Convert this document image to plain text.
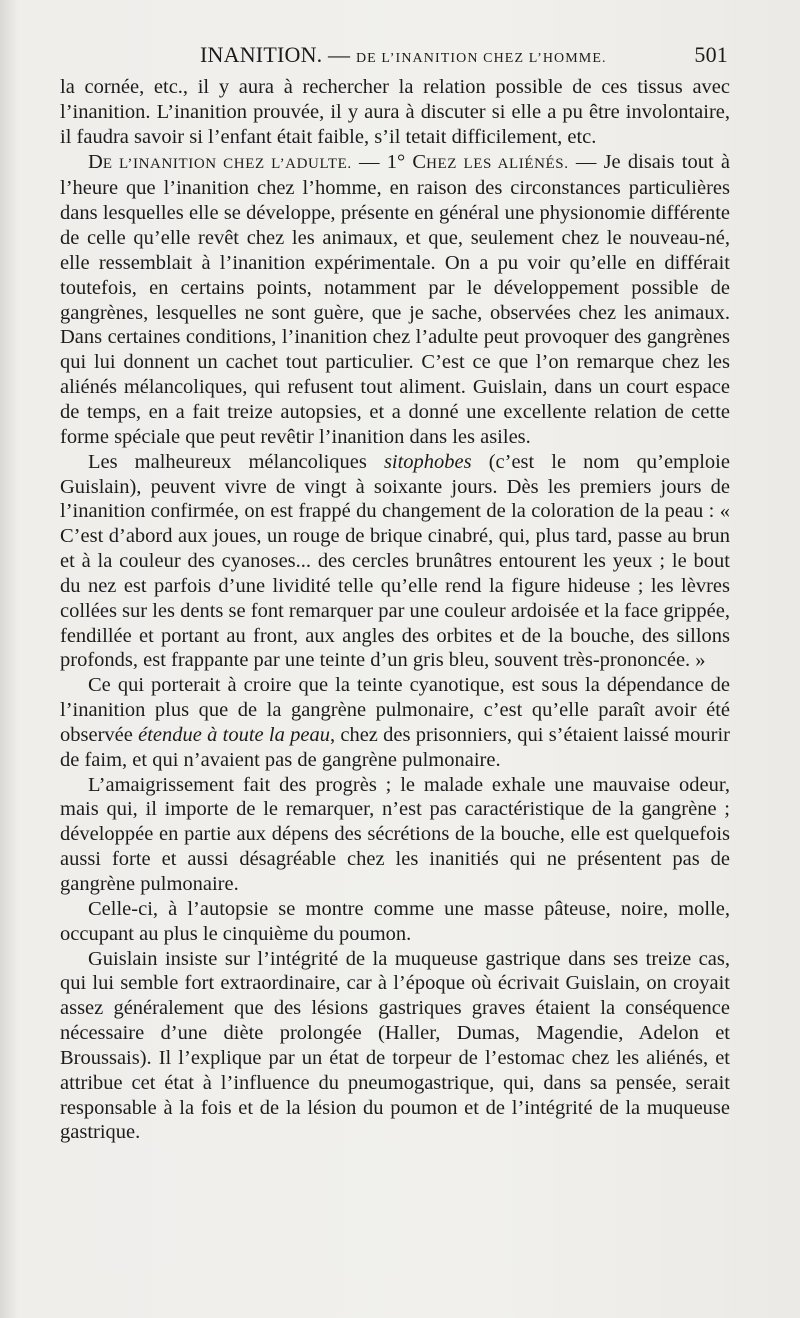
INANITION. — DE L’INANITION CHEZ L’HOMME.	501

la cornée, etc., il y aura à rechercher la relation possible de ces tissus avec l’inanition. L’inanition prouvée, il y aura à discuter si elle a pu être involontaire, il faudra savoir si l’enfant était faible, s’il tetait difficilement, etc.

DE L’INANITION CHEZ L’ADULTE. — 1° CHEZ LES ALIÉNÉS. — Je disais tout à l’heure que l’inanition chez l’homme, en raison des circonstances particulières dans lesquelles elle se développe, présente en général une physionomie différente de celle qu’elle revêt chez les animaux, et que, seulement chez le nouveau-né, elle ressemblait à l’inanition expérimentale. On a pu voir qu’elle en différait toutefois, en certains points, notamment par le développement possible de gangrènes, lesquelles ne sont guère, que je sache, observées chez les animaux. Dans certaines conditions, l’inanition chez l’adulte peut provoquer des gangrènes qui lui donnent un cachet tout particulier. C’est ce que l’on remarque chez les aliénés mélancoliques, qui refusent tout aliment. Guislain, dans un court espace de temps, en a fait treize autopsies, et a donné une excellente relation de cette forme spéciale que peut revêtir l’inanition dans les asiles.

Les malheureux mélancoliques sitophobes (c’est le nom qu’emploie Guislain), peuvent vivre de vingt à soixante jours. Dès les premiers jours de l’inanition confirmée, on est frappé du changement de la coloration de la peau : « C’est d’abord aux joues, un rouge de brique cinabré, qui, plus tard, passe au brun et à la couleur des cyanoses... des cercles brunâtres entourent les yeux ; le bout du nez est parfois d’une lividité telle qu’elle rend la figure hideuse ; les lèvres collées sur les dents se font remarquer par une couleur ardoisée et la face grippée, fendillée et portant au front, aux angles des orbites et de la bouche, des sillons profonds, est frappante par une teinte d’un gris bleu, souvent très-prononcée. »

Ce qui porterait à croire que la teinte cyanotique, est sous la dépendance de l’inanition plus que de la gangrène pulmonaire, c’est qu’elle paraît avoir été observée étendue à toute la peau, chez des prisonniers, qui s’étaient laissé mourir de faim, et qui n’avaient pas de gangrène pulmonaire.

L’amaigrissement fait des progrès ; le malade exhale une mauvaise odeur, mais qui, il importe de le remarquer, n’est pas caractéristique de la gangrène ; développée en partie aux dépens des sécrétions de la bouche, elle est quelquefois aussi forte et aussi désagréable chez les inanitiés qui ne présentent pas de gangrène pulmonaire.

Celle-ci, à l’autopsie se montre comme une masse pâteuse, noire, molle, occupant au plus le cinquième du poumon.

Guislain insiste sur l’intégrité de la muqueuse gastrique dans ses treize cas, qui lui semble fort extraordinaire, car à l’époque où écrivait Guislain, on croyait assez généralement que des lésions gastriques graves étaient la conséquence nécessaire d’une diète prolongée (Haller, Dumas, Magendie, Adelon et Broussais). Il l’explique par un état de torpeur de l’estomac chez les aliénés, et attribue cet état à l’influence du pneumogastrique, qui, dans sa pensée, serait responsable à la fois et de la lésion du poumon et de l’intégrité de la muqueuse gastrique.
